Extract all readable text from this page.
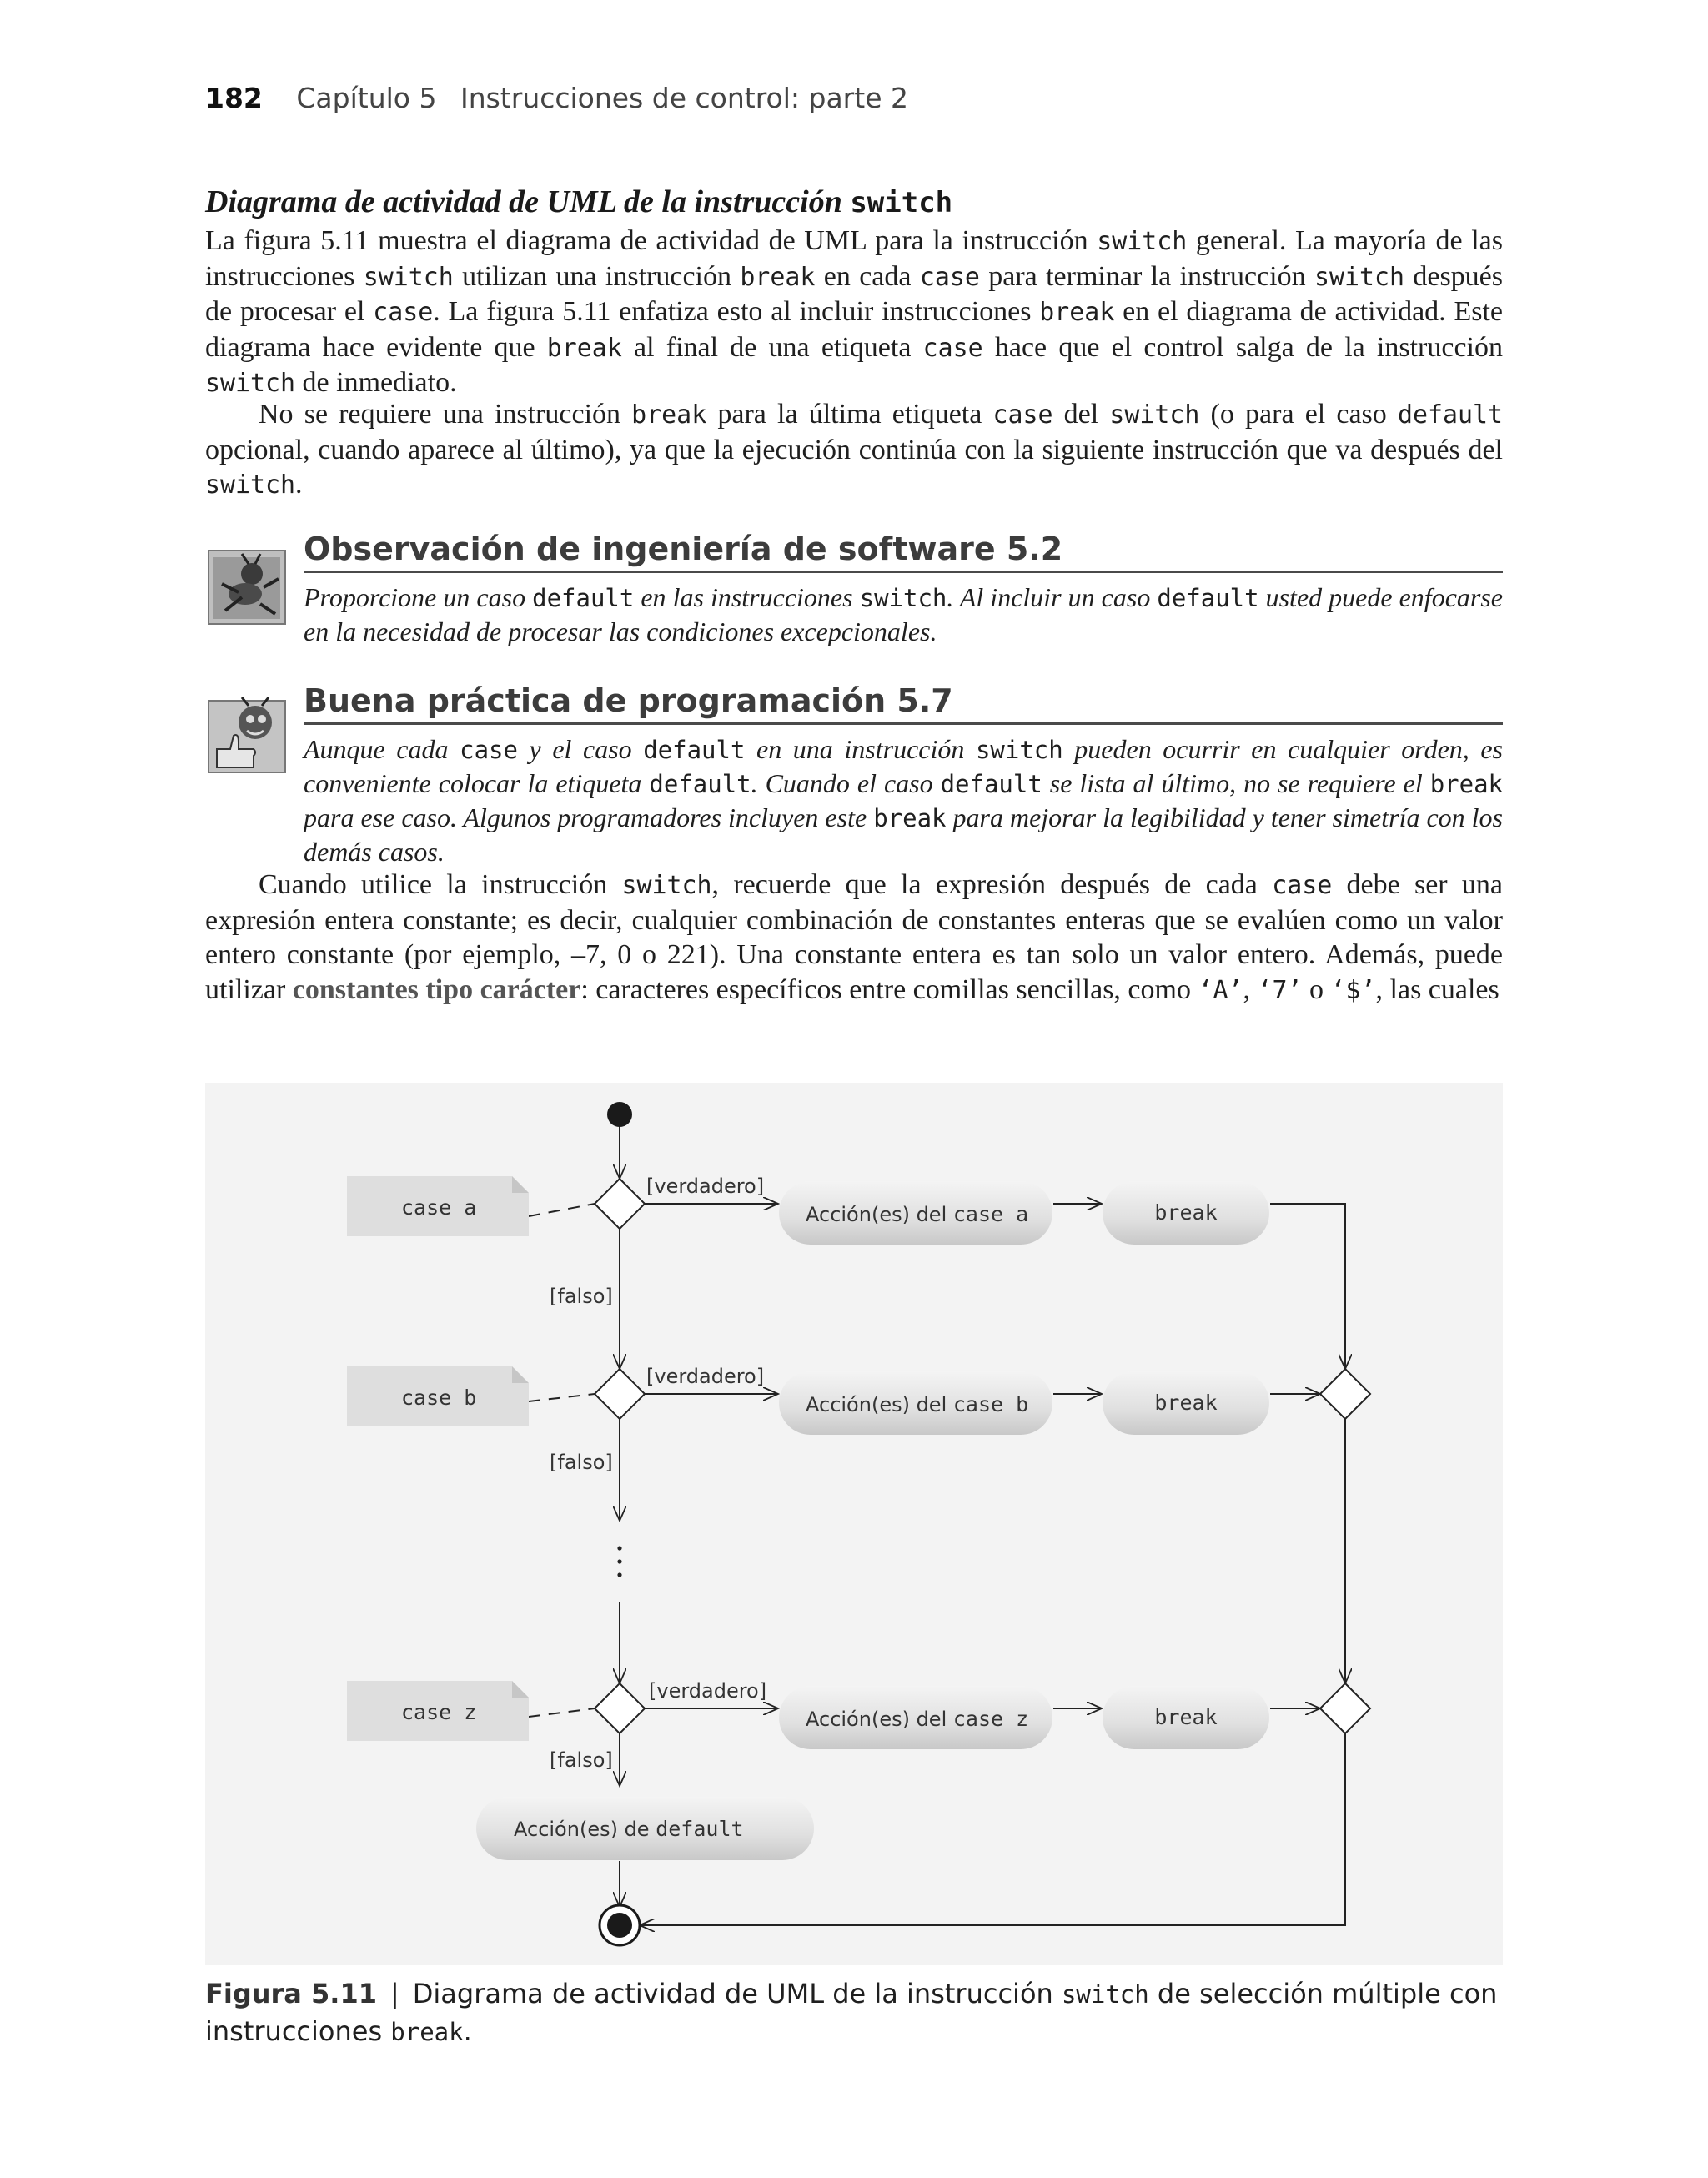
182 Capítulo 5 Instrucciones de control: parte 2
Diagrama de actividad de UML de la instrucción switch

La figura 5.11 muestra el diagrama de actividad de UML para la instrucción switch general. La mayoría de las instrucciones switch utilizan una instrucción break en cada case para terminar la instrucción switch después de procesar el case. La figura 5.11 enfatiza esto al incluir instrucciones break en el diagrama de actividad. Este diagrama hace evidente que break al final de una etiqueta case hace que el control salga de la instrucción switch de inmediato.

No se requiere una instrucción break para la última etiqueta case del switch (o para el caso default opcional, cuando aparece al último), ya que la ejecución continúa con la siguiente instrucción que va después del switch.

Observación de ingeniería de software 5.2

Proporcione un caso default en las instrucciones switch. Al incluir un caso default usted puede enfocarse en la necesidad de procesar las condiciones excepcionales.

Buena práctica de programación 5.7

Aunque cada case y el caso default en una instrucción switch pueden ocurrir en cualquier orden, es conveniente colocar la etiqueta default. Cuando el caso default se lista al último, no se requiere el break para ese caso. Algunos programadores incluyen este break para mejorar la legibilidad y tener simetría con los demás casos.

Cuando utilice la instrucción switch, recuerde que la expresión después de cada case debe ser una expresión entera constante; es decir, cualquier combinación de constantes enteras que se evalúen como un valor entero constante (por ejemplo, –7, 0 o 221). Una constante entera es tan solo un valor entero. Además, puede utilizar constantes tipo carácter: caracteres específicos entre comillas sencillas, como ‘A’, ‘7’ o ‘$’, las cuales

case a
case b
case z
break
break
break
[verdadero]
[verdadero]
[verdadero]
[falso]
[falso]
[falso]
Acción(es) del case a
Acción(es) del case b
Acción(es) del case z
Acción(es) de default
Figura 5.11 | Diagrama de actividad de UML de la instrucción switch de selección múltiple con instrucciones break.
